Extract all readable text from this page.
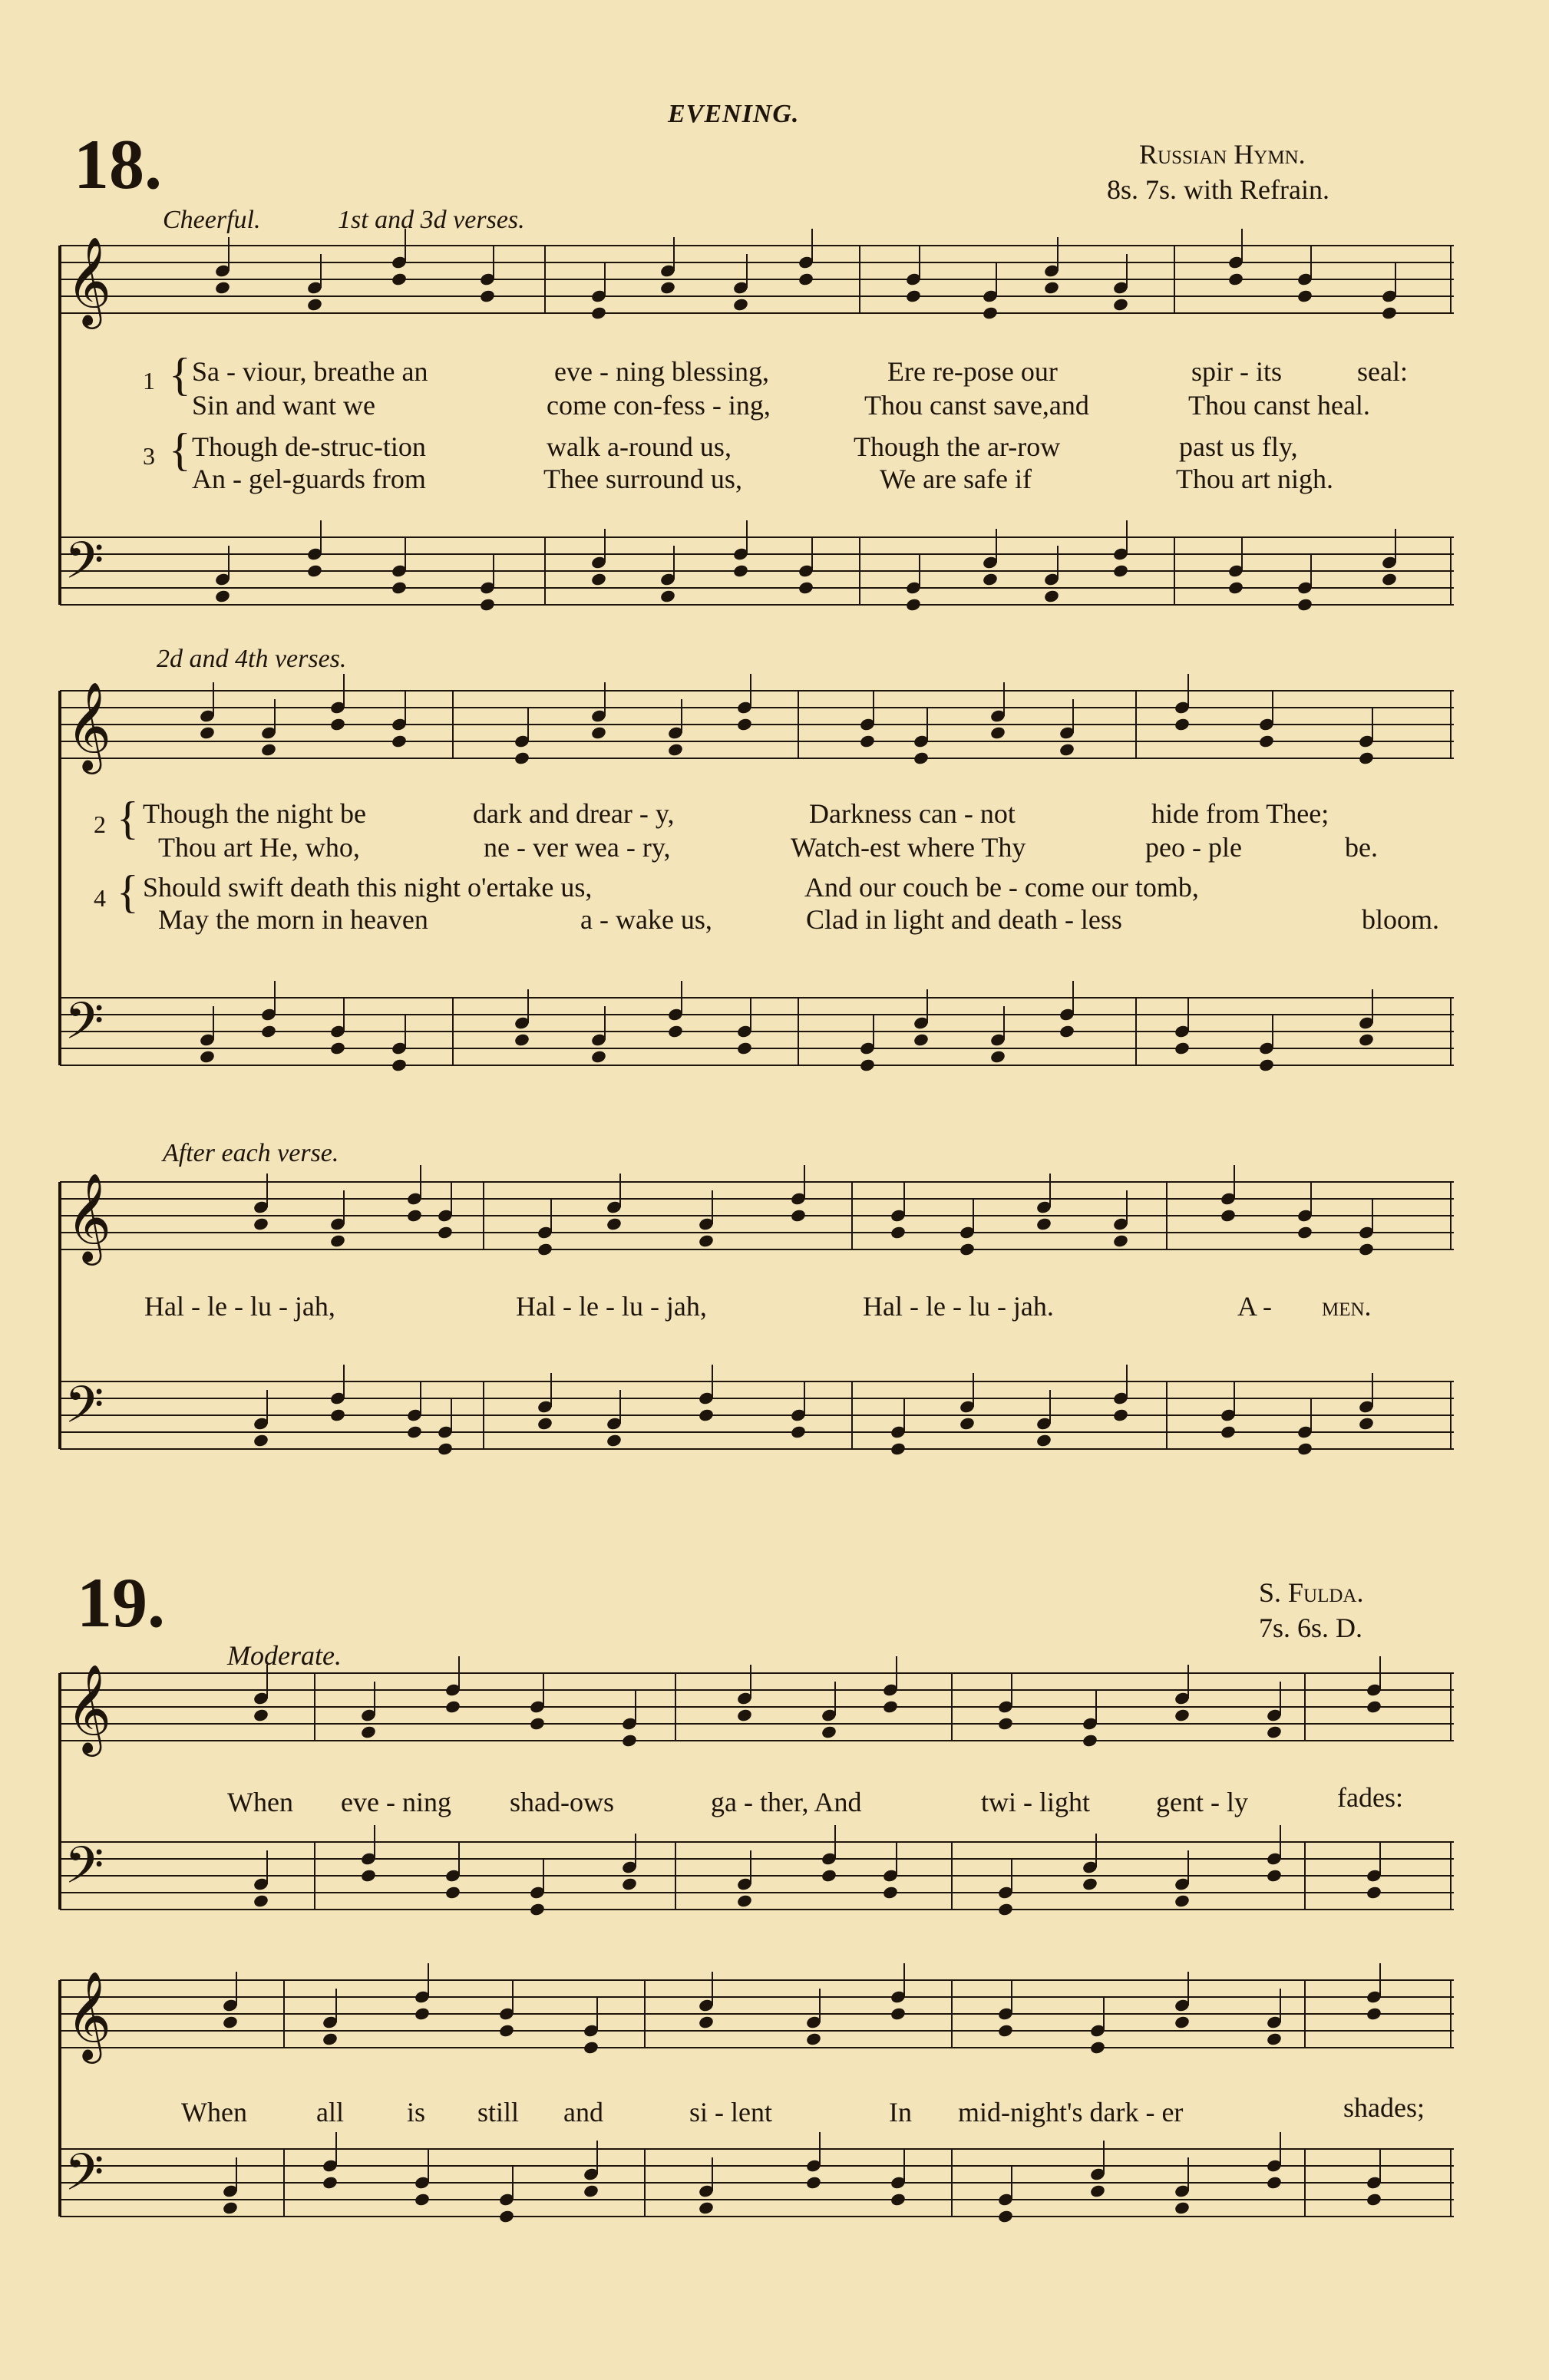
𝄞
𝄢
𝄞
𝄢
𝄞
𝄢
𝄞
𝄢
𝄞
𝄢
EVENING.
18.	Russian Hymn.
8s. 7s. with Refrain.
Cheerful.	1st and 3d verses.
1 { Sa - viour, breathe an	eve - ning blessing,	Ere re-pose our	spir - its	seal:
Sin and want we	come con-fess - ing,	Thou canst save,and	Thou canst heal.
3 { Though de-struc-tion	walk a-round us,	Though the ar-row	past us fly,
An - gel-guards from	Thee surround us,	We are safe if	Thou art nigh.
2d and 4th verses.
2 { Though the night be	dark and drear - y,	Darkness can - not	hide from Thee;
Thou art He, who,	ne - ver wea - ry,	Watch-est where Thy	peo - ple	be.
4 { Should swift death this night o'ertake us,	And our couch be - come our tomb,
May the morn in heaven	a - wake us,	Clad in light and death - less	bloom.
After each verse.
Hal - le - lu - jah,	Hal - le - lu - jah,	Hal - le - lu - jah.	A - men.
19.	S. Fulda.
7s. 6s. D.
Moderate.
When eve - ning shad-ows	ga - ther, And	twi - light gent - ly	fades:
When	all is still and	si - lent	In mid-night's dark - er	shades;
